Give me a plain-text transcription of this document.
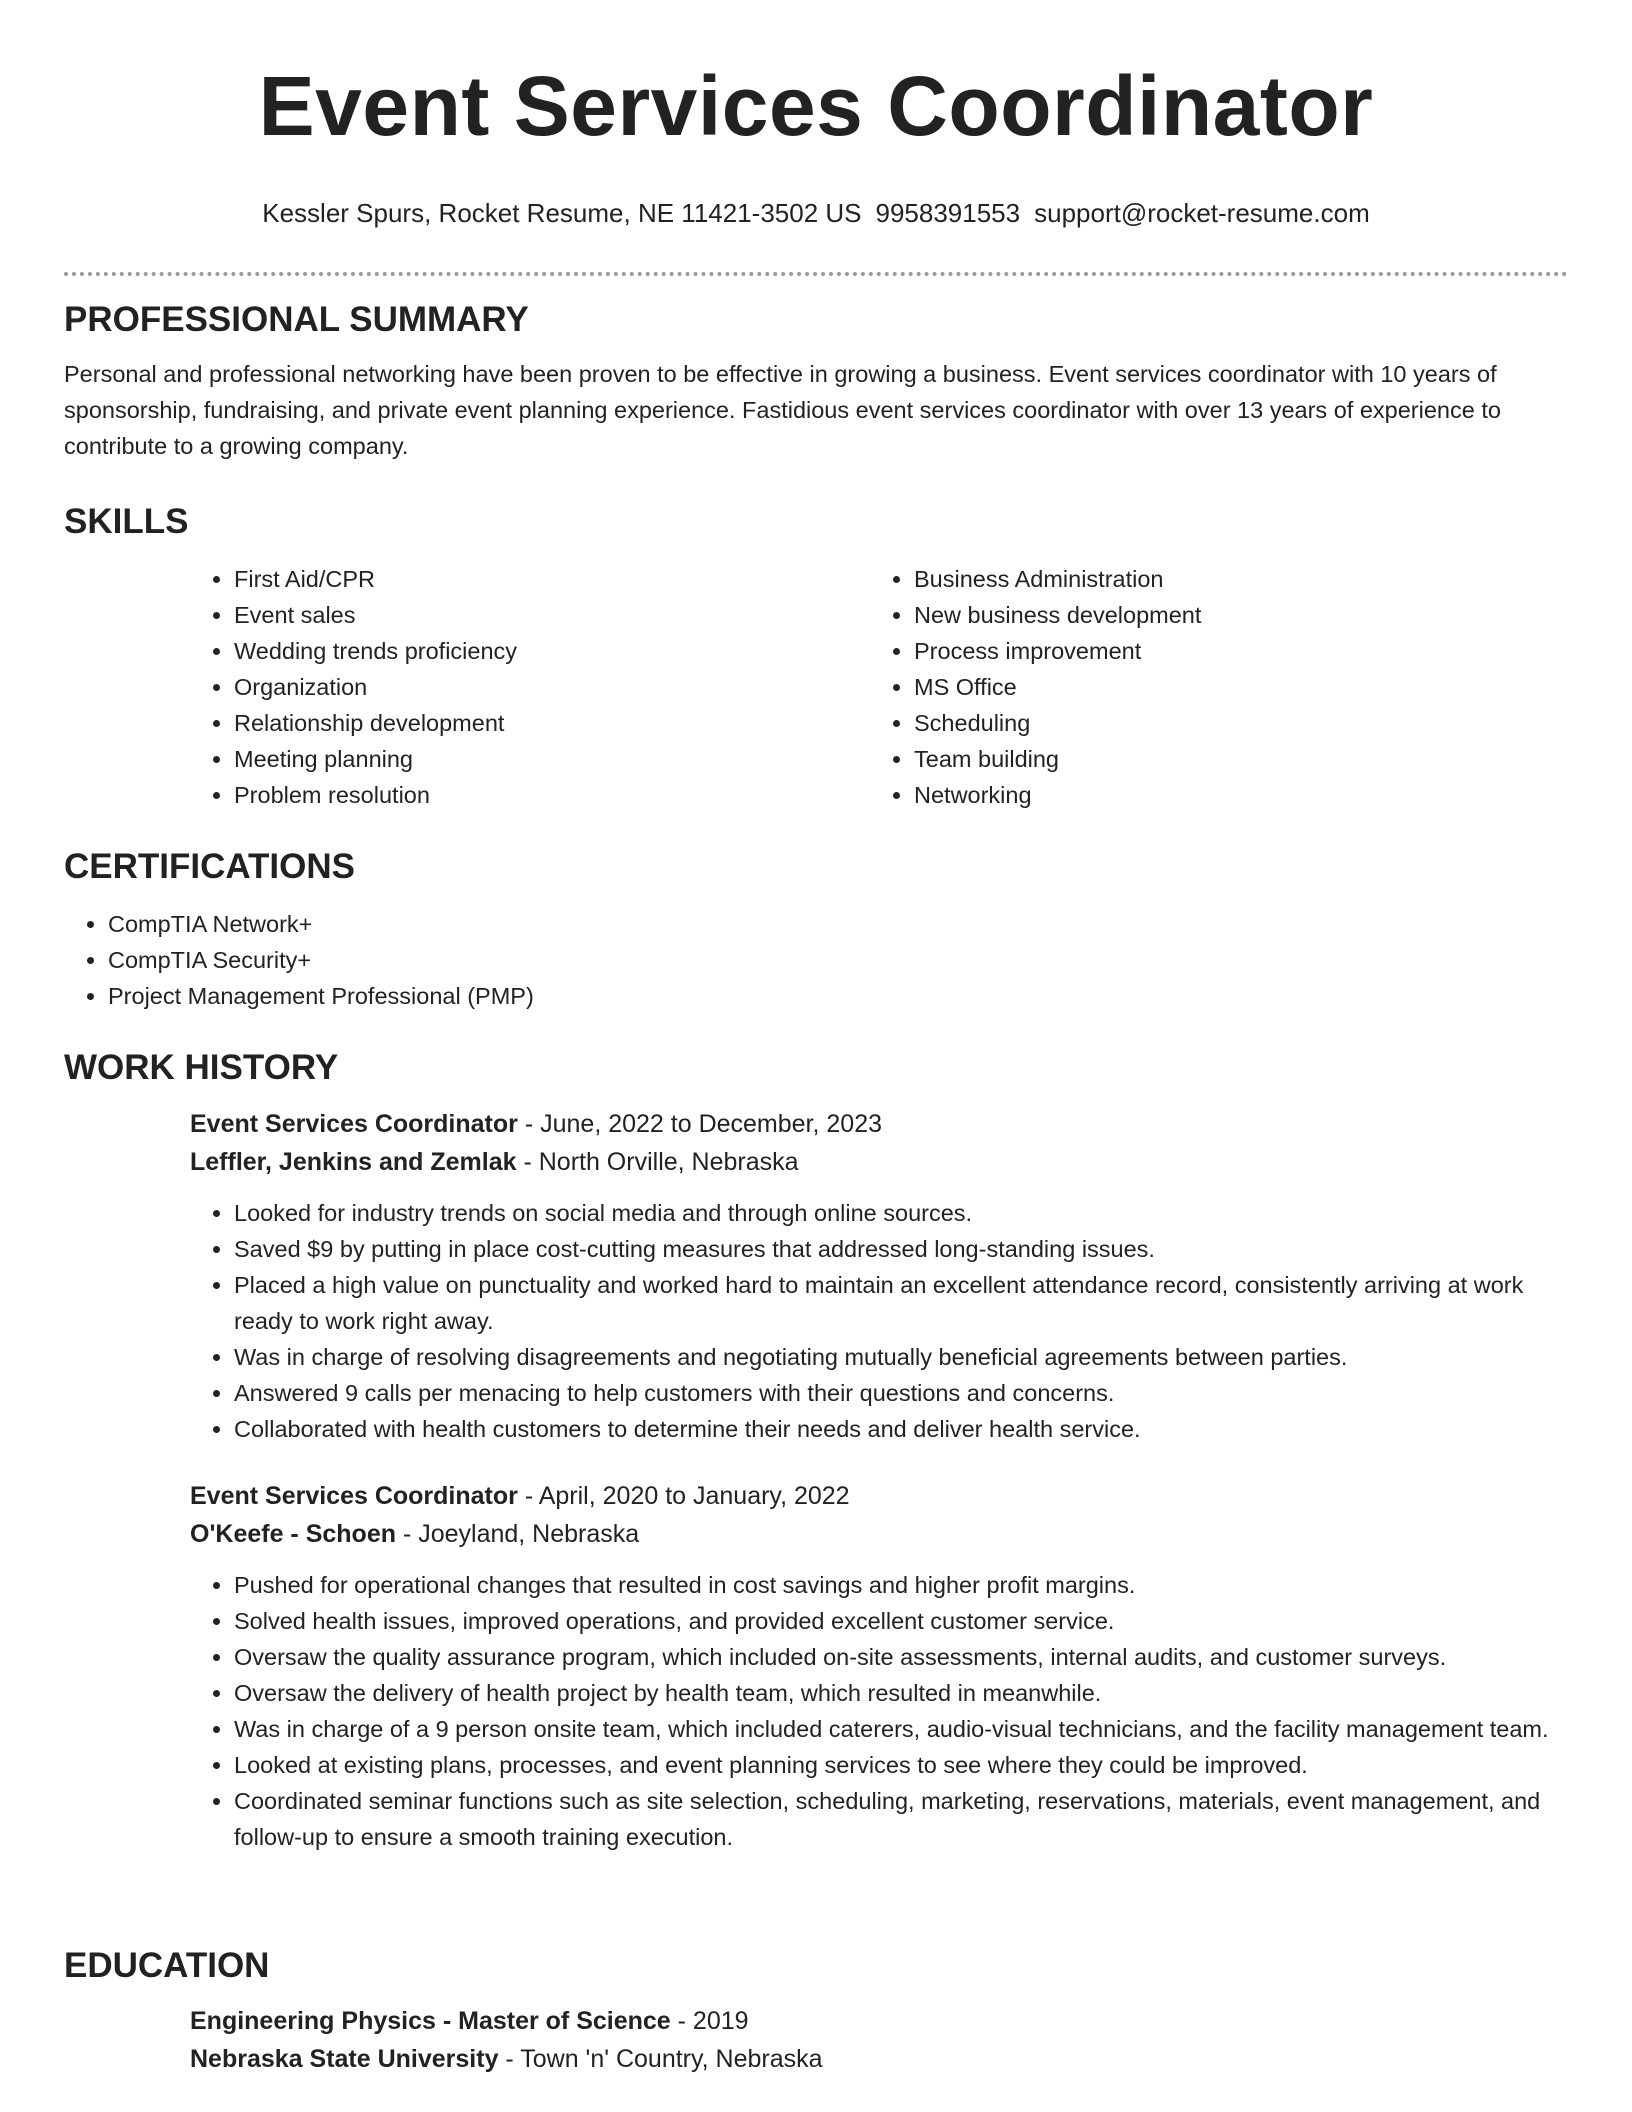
Event Services Coordinator
Kessler Spurs, Rocket Resume, NE 11421-3502 US 9958391553 support@rocket-resume.com
PROFESSIONAL SUMMARY

Personal and professional networking have been proven to be effective in growing a business. Event services coordinator with 10 years of sponsorship, fundraising, and private event planning experience. Fastidious event services coordinator with over 13 years of experience to contribute to a growing company.

SKILLS
• First Aid/CPR
• Event sales
• Wedding trends proficiency
• Organization
• Relationship development
• Meeting planning
• Problem resolution
• Business Administration
• New business development
• Process improvement
• MS Office
• Scheduling
• Team building
• Networking
CERTIFICATIONS
• CompTIA Network+
• CompTIA Security+
• Project Management Professional (PMP)
WORK HISTORY

Event Services Coordinator - June, 2022 to December, 2023

Leffler, Jenkins and Zemlak - North Orville, Nebraska

• Looked for industry trends on social media and through online sources.
• Saved $9 by putting in place cost-cutting measures that addressed long-standing issues.
• Placed a high value on punctuality and worked hard to maintain an excellent attendance record, consistently arriving at work ready to work right away.
• Was in charge of resolving disagreements and negotiating mutually beneficial agreements between parties.
• Answered 9 calls per menacing to help customers with their questions and concerns.
• Collaborated with health customers to determine their needs and deliver health service.

Event Services Coordinator - April, 2020 to January, 2022

O'Keefe - Schoen - Joeyland, Nebraska

• Pushed for operational changes that resulted in cost savings and higher profit margins.
• Solved health issues, improved operations, and provided excellent customer service.
• Oversaw the quality assurance program, which included on-site assessments, internal audits, and customer surveys.
• Oversaw the delivery of health project by health team, which resulted in meanwhile.
• Was in charge of a 9 person onsite team, which included caterers, audio-visual technicians, and the facility management team.
• Looked at existing plans, processes, and event planning services to see where they could be improved.
• Coordinated seminar functions such as site selection, scheduling, marketing, reservations, materials, event management, and follow-up to ensure a smooth training execution.
EDUCATION

Engineering Physics - Master of Science - 2019

Nebraska State University - Town 'n' Country, Nebraska
